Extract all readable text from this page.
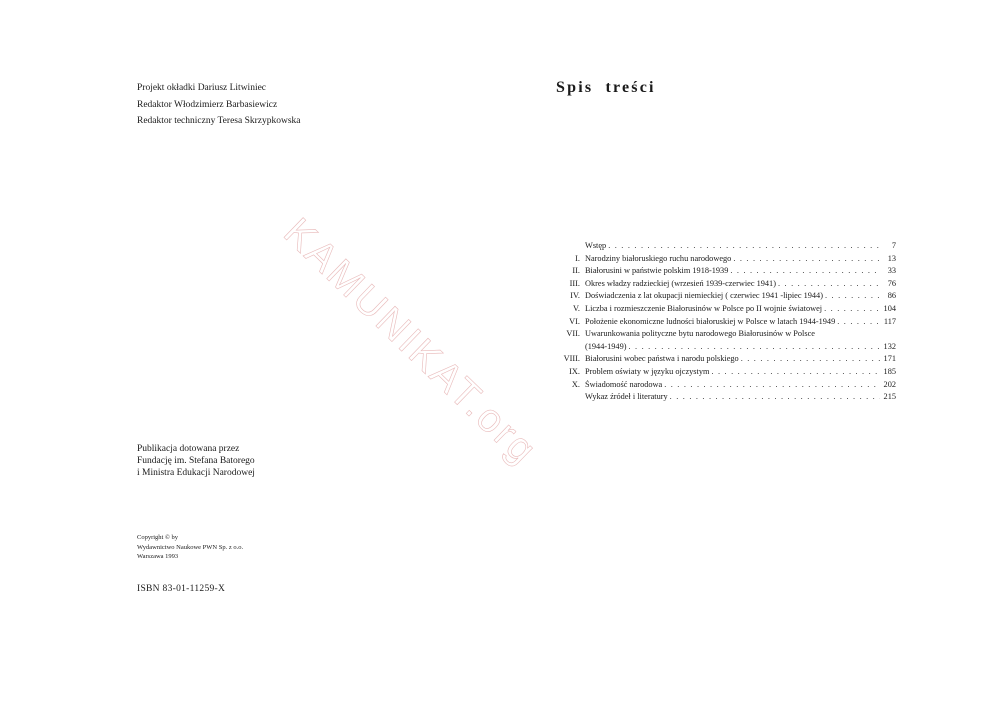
Projekt okładki Dariusz Litwiniec
Redaktor Włodzimierz Barbasiewicz
Redaktor techniczny Teresa Skrzypkowska
Publikacja dotowana przez
Fundację im. Stefana Batorego
i Ministra Edukacji Narodowej
Copyright © by
Wydawnictwo Naukowe PWN Sp. z o.o.
Warszawa 1993
ISBN 83-01-11259-X
KAMUNIKAT.org
Spis treści
Wstęp . . .	7
I. Narodziny białoruskiego ruchu narodowego . . .	13
II. Białorusini w państwie polskim 1918-1939 . . .	33
III. Okres władzy radzieckiej (wrzesień 1939-czerwiec 1941) . . .	76
IV. Doświadczenia z lat okupacji niemieckiej ( czerwiec 1941 -lipiec 1944) . . .	86
V. Liczba i rozmieszczenie Białorusinów w Polsce po II wojnie światowej . . .	104
VI. Położenie ekonomiczne ludności białoruskiej w Polsce w latach 1944-1949 . . .	117
VII. Uwarunkowania polityczne bytu narodowego Białorusinów w Polsce
(1944-1949) . . .	132
VIII. Białorusini wobec państwa i narodu polskiego . . .	171
IX. Problem oświaty w języku ojczystym . . .	185
X. Świadomość narodowa . . .	202
Wykaz źródeł i literatury . . .	215
